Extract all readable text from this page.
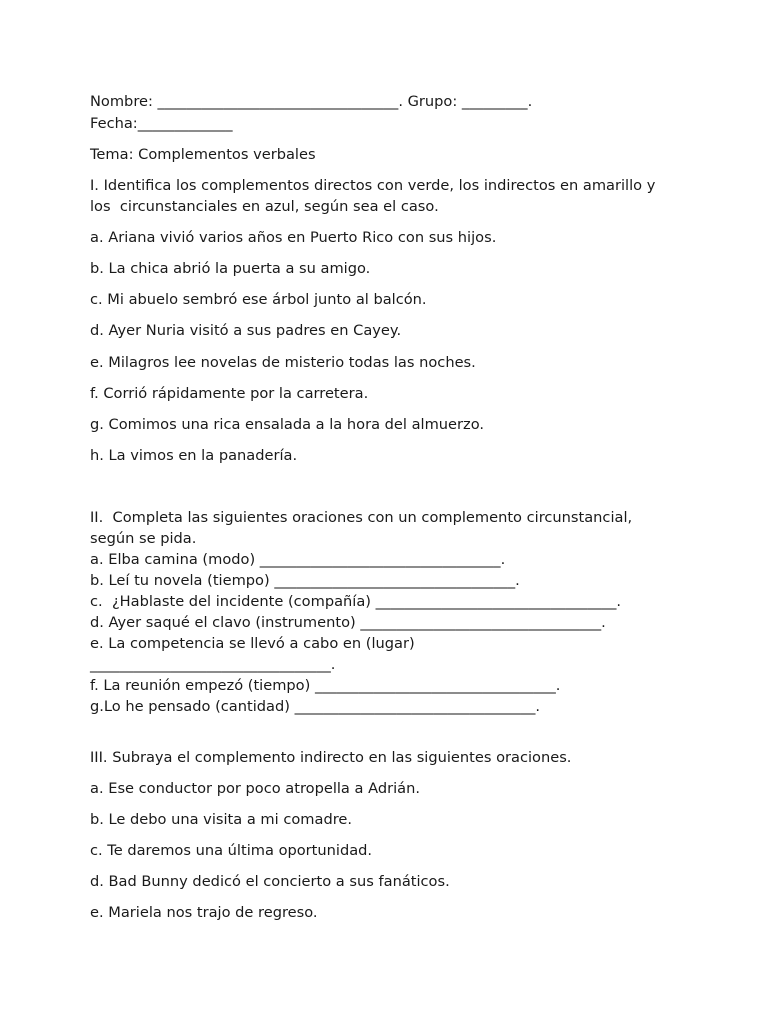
Nombre: _________________________________. Grupo: _________.
Fecha:_____________
Tema: Complementos verbales
I. Identifica los complementos directos con verde, los indirectos en amarillo y
los  circunstanciales en azul, según sea el caso.
a. Ariana vivió varios años en Puerto Rico con sus hijos.
b. La chica abrió la puerta a su amigo.
c. Mi abuelo sembró ese árbol junto al balcón.
d. Ayer Nuria visitó a sus padres en Cayey.
e. Milagros lee novelas de misterio todas las noches.
f. Corrió rápidamente por la carretera.
g. Comimos una rica ensalada a la hora del almuerzo.
h. La vimos en la panadería.
II.  Completa las siguientes oraciones con un complemento circunstancial,
según se pida.
a. Elba camina (modo) _________________________________.
b. Leí tu novela (tiempo) _________________________________.
c.  ¿Hablaste del incidente (compañía) _________________________________.
d. Ayer saqué el clavo (instrumento) _________________________________.
e. La competencia se llevó a cabo en (lugar)
_________________________________.
f. La reunión empezó (tiempo) _________________________________.
g.Lo he pensado (cantidad) _________________________________.
III. Subraya el complemento indirecto en las siguientes oraciones.
a. Ese conductor por poco atropella a Adrián.
b. Le debo una visita a mi comadre.
c. Te daremos una última oportunidad.
d. Bad Bunny dedicó el concierto a sus fanáticos.
e. Mariela nos trajo de regreso.
